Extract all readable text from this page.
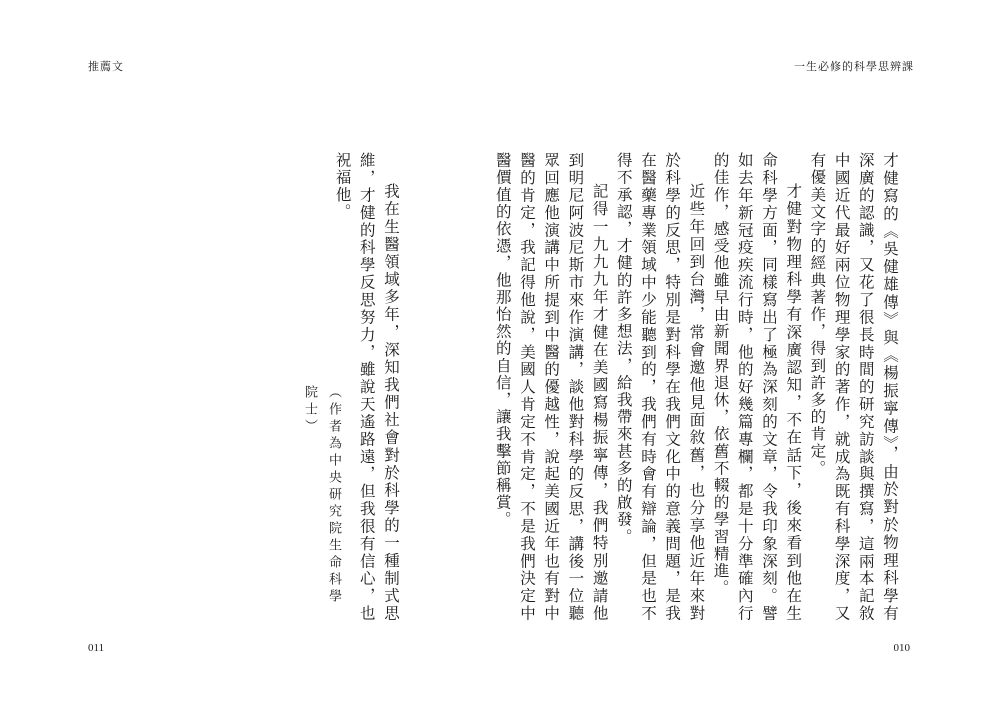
推薦文	一生必修的科學思辨課

才健寫的《吳健雄傳》與《楊振寧傳》，由於對於物理科學有深廣的認識，又花了很長時間的研究訪談與撰寫，這兩本記敘中國近代最好兩位物理學家的著作，就成為既有科學深度，又有優美文字的經典著作，得到許多的肯定。

才健對物理科學有深廣認知，不在話下，後來看到他在生命科學方面，同樣寫出了極為深刻的文章，令我印象深刻。譬如去年新冠疫疾流行時，他的好幾篇專欄，都是十分準確內行的佳作，感受他雖早由新聞界退休，依舊不輟的學習精進。

近些年回到台灣，常會邀他見面敘舊，也分享他近年來對於科學的反思，特別是對科學在我們文化中的意義問題，是我在醫藥專業領域中少能聽到的，我們有時會有辯論，但是也不得不承認，才健的許多想法，給我帶來甚多的啟發。

記得一九九九年才健在美國寫楊振寧傳，我們特別邀請他到明尼阿波尼斯市來作演講，談他對科學的反思，講後一位聽眾回應他演講中所提到中醫的優越性，說起美國近年也有對中醫的肯定，我記得他說，美國人肯定不肯定，不是我們決定中醫價值的依憑，他那怡然的自信，讓我擊節稱賞。

我在生醫領域多年，深知我們社會對於科學的一種制式思維，才健的科學反思努力，雖說天遙路遠，但我很有信心，也祝福他。

（作者為中央研究院生命科學院士）
011	010
